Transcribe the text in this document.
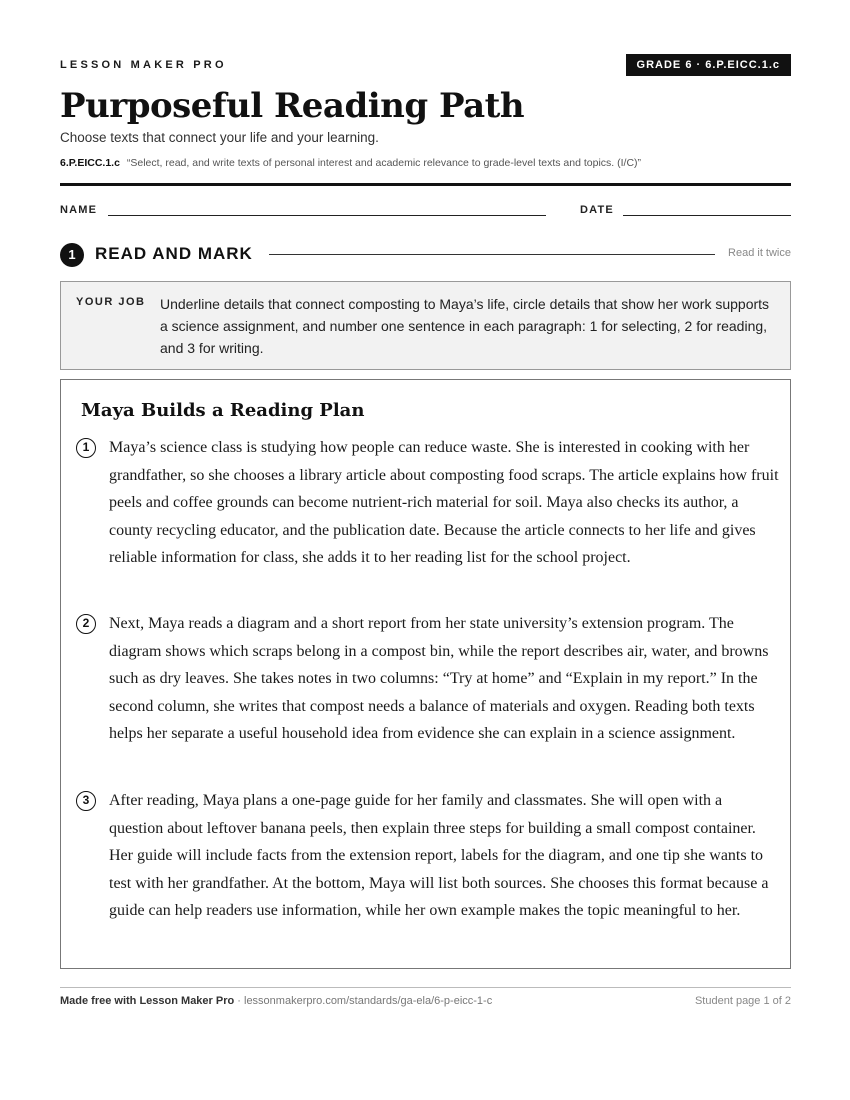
LESSON MAKER PRO	GRADE 6 · 6.P.EICC.1.c
Purposeful Reading Path
Choose texts that connect your life and your learning.
6.P.EICC.1.c “Select, read, and write texts of personal interest and academic relevance to grade-level texts and topics. (I/C)”
NAME	DATE
1	READ AND MARK	Read it twice
YOUR JOB Underline details that connect composting to Maya’s life, circle details that show her work supports a science assignment, and number one sentence in each paragraph: 1 for selecting, 2 for reading, and 3 for writing.
Maya Builds a Reading Plan
1	Maya’s science class is studying how people can reduce waste. She is interested in cooking with her grandfather, so she chooses a library article about composting food scraps. The article explains how fruit peels and coffee grounds can become nutrient-rich material for soil. Maya also checks its author, a county recycling educator, and the publication date. Because the article connects to her life and gives reliable information for class, she adds it to her reading list for the school project.

2	Next, Maya reads a diagram and a short report from her state university’s extension program. The diagram shows which scraps belong in a compost bin, while the report describes air, water, and browns such as dry leaves. She takes notes in two columns: “Try at home” and “Explain in my report.” In the second column, she writes that compost needs a balance of materials and oxygen. Reading both texts helps her separate a useful household idea from evidence she can explain in a science assignment.

3	After reading, Maya plans a one-page guide for her family and classmates. She will open with a question about leftover banana peels, then explain three steps for building a small compost container. Her guide will include facts from the extension report, labels for the diagram, and one tip she wants to test with her grandfather. At the bottom, Maya will list both sources. She chooses this format because a guide can help readers use information, while her own example makes the topic meaningful to her.

Made free with Lesson Maker Pro · lessonmakerpro.com/standards/ga-ela/6-p-eicc-1-c	Student page 1 of 2
